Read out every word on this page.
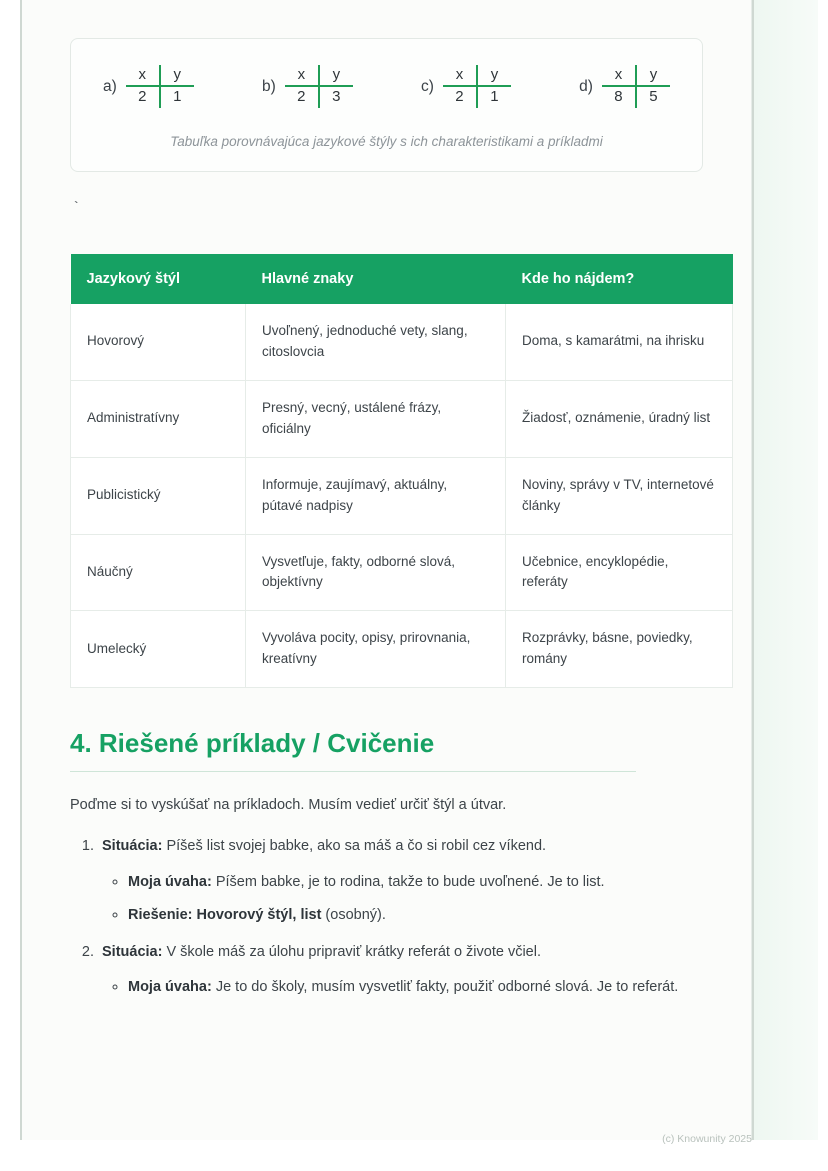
a)
x	y
2	1
b)
x	y
2	3
c)
x	y
2	1
d)
x	y
8	5
Tabuľka porovnávajúca jazykové štýly s ich charakteristikami a príkladmi
`
Jazykový štýl	Hlavné znaky	Kde ho nájdem?
Hovorový	Uvoľnený, jednoduché vety, slang, citoslovcia	Doma, s kamarátmi, na ihrisku
Administratívny	Presný, vecný, ustálené frázy, oficiálny	Žiadosť, oznámenie, úradný list
Publicistický	Informuje, zaujímavý, aktuálny, pútavé nadpisy	Noviny, správy v TV, internetové články
Náučný	Vysvetľuje, fakty, odborné slová, objektívny	Učebnice, encyklopédie, referáty
Umelecký	Vyvoláva pocity, opisy, prirovnania, kreatívny	Rozprávky, básne, poviedky, romány
4. Riešené príklady / Cvičenie

Poďme si to vyskúšať na príkladoch. Musím vedieť určiť štýl a útvar.

1. Situácia: Píšeš list svojej babke, ako sa máš a čo si robil cez víkend.
◦ Moja úvaha: Píšem babke, je to rodina, takže to bude uvoľnené. Je to list.
◦ Riešenie: Hovorový štýl, list (osobný).
2. Situácia: V škole máš za úlohu pripraviť krátky referát o živote včiel.
◦ Moja úvaha: Je to do školy, musím vysvetliť fakty, použiť odborné slová. Je to referát.
(c) Knowunity 2025
